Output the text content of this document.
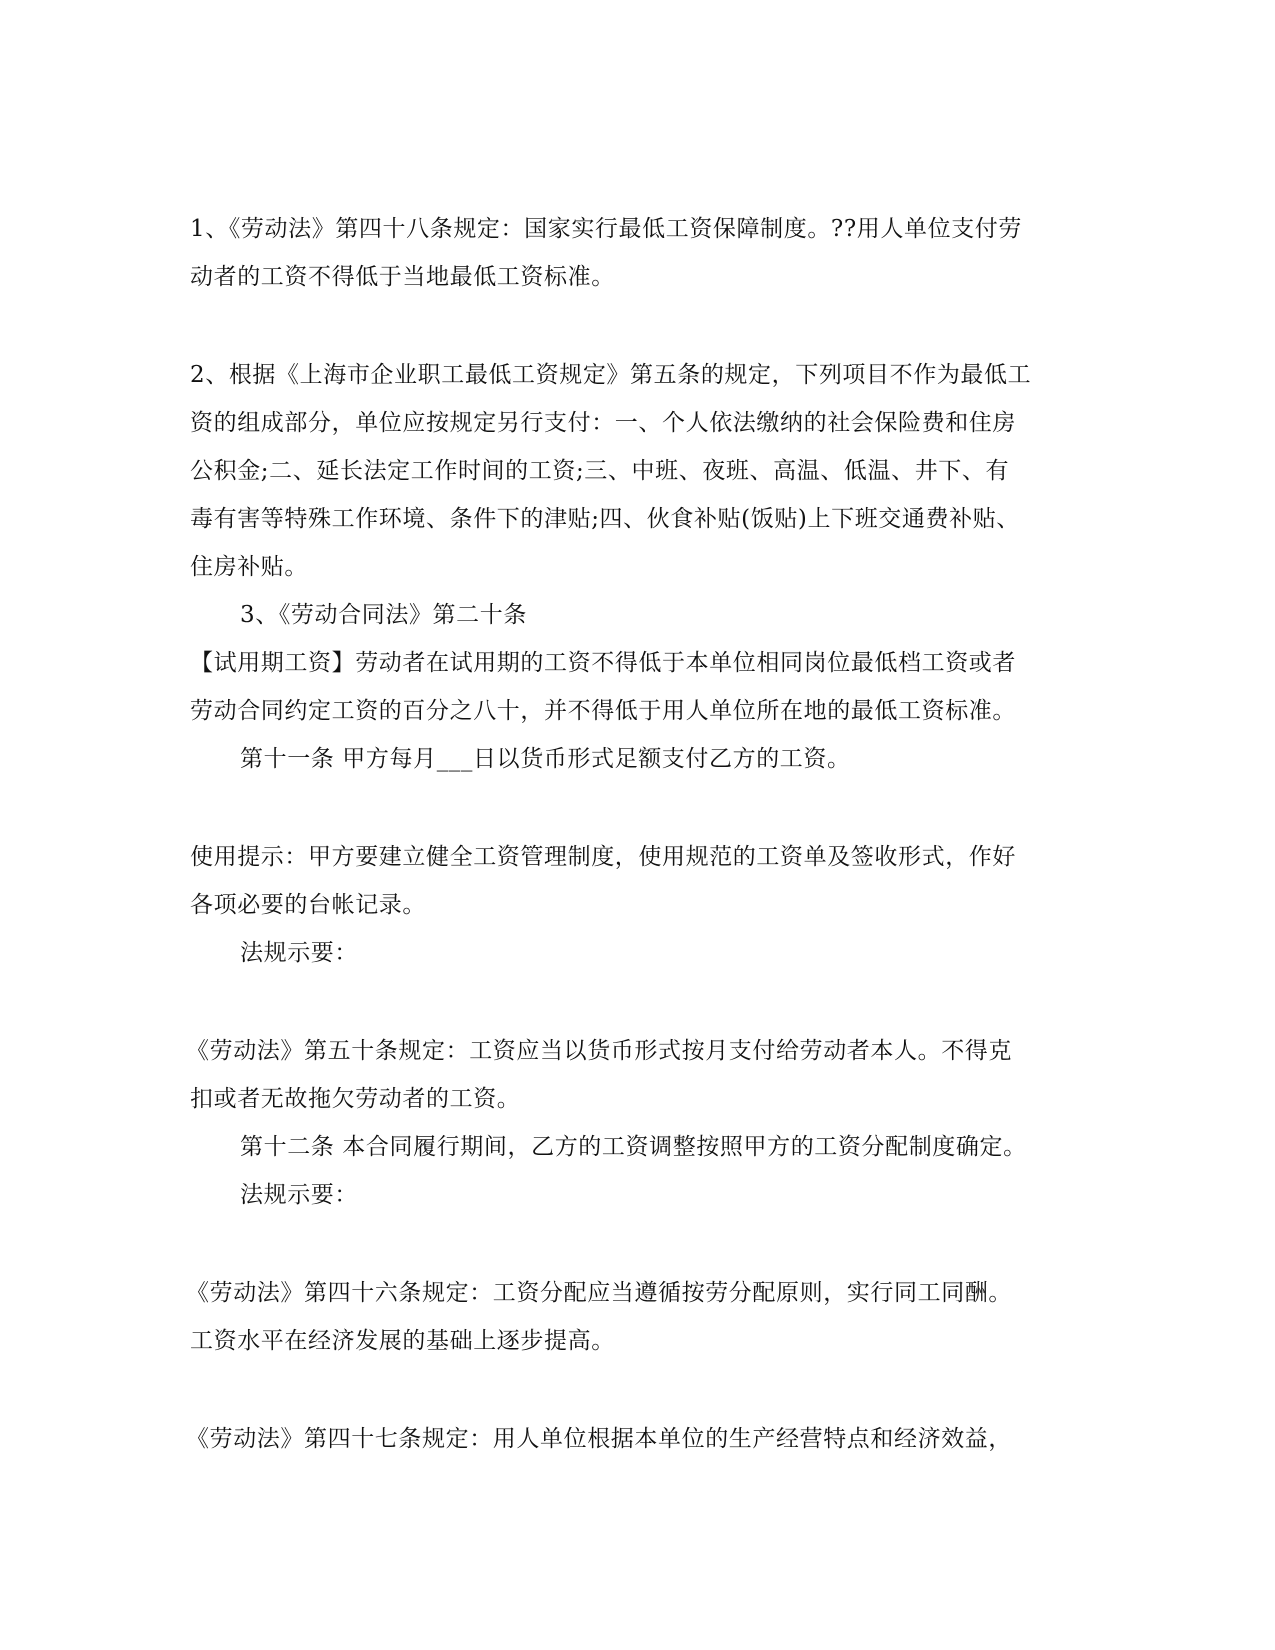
1、《劳动法》第四十八条规定：国家实行最低工资保障制度。??用人单位支付劳
动者的工资不得低于当地最低工资标准。
2、根据《上海市企业职工最低工资规定》第五条的规定，下列项目不作为最低工
资的组成部分，单位应按规定另行支付：一、个人依法缴纳的社会保险费和住房
公积金;二、延长法定工作时间的工资;三、中班、夜班、高温、低温、井下、有
毒有害等特殊工作环境、条件下的津贴;四、伙食补贴(饭贴)上下班交通费补贴、
住房补贴。
3、《劳动合同法》第二十条
【试用期工资】劳动者在试用期的工资不得低于本单位相同岗位最低档工资或者
劳动合同约定工资的百分之八十，并不得低于用人单位所在地的最低工资标准。
第十一条 甲方每月___日以货币形式足额支付乙方的工资。
使用提示：甲方要建立健全工资管理制度，使用规范的工资单及签收形式，作好
各项必要的台帐记录。
法规示要：
《劳动法》第五十条规定：工资应当以货币形式按月支付给劳动者本人。不得克
扣或者无故拖欠劳动者的工资。
第十二条 本合同履行期间，乙方的工资调整按照甲方的工资分配制度确定。
法规示要：
《劳动法》第四十六条规定：工资分配应当遵循按劳分配原则，实行同工同酬。
工资水平在经济发展的基础上逐步提高。
《劳动法》第四十七条规定：用人单位根据本单位的生产经营特点和经济效益，
